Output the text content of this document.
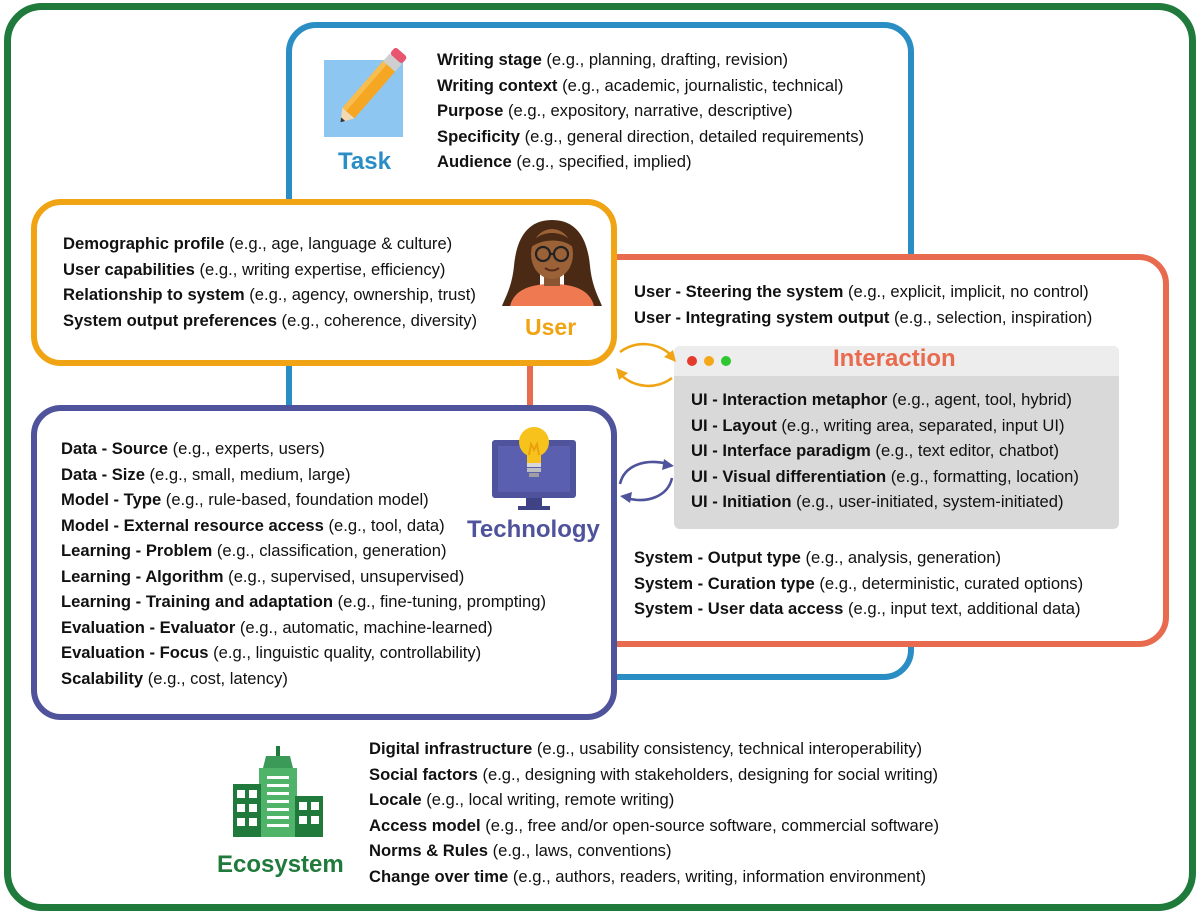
Task
Writing stage (e.g., planning, drafting, revision)
Writing context (e.g., academic, journalistic, technical)
Purpose (e.g., expository, narrative, descriptive)
Specificity (e.g., general direction, detailed requirements)
Audience (e.g., specified, implied)
Demographic profile (e.g., age, language & culture)
User capabilities (e.g., writing expertise, efficiency)
Relationship to system (e.g., agency, ownership, trust)
System output preferences (e.g., coherence, diversity) User
User - Steering the system (e.g., explicit, implicit, no control)
User - Integrating system output (e.g., selection, inspiration)
Interaction
UI - Interaction metaphor (e.g., agent, tool, hybrid)
UI - Layout (e.g., writing area, separated, input UI)
UI - Interface paradigm (e.g., text editor, chatbot)
UI - Visual differentiation (e.g., formatting, location)
UI - Initiation (e.g., user-initiated, system-initiated)
System - Output type (e.g., analysis, generation)
System - Curation type (e.g., deterministic, curated options)
System - User data access (e.g., input text, additional data)
Data - Source (e.g., experts, users)
Data - Size (e.g., small, medium, large)
Model - Type (e.g., rule-based, foundation model)
Model - External resource access (e.g., tool, data)
Learning - Problem (e.g., classification, generation)
Learning - Algorithm (e.g., supervised, unsupervised)
Learning - Training and adaptation (e.g., fine-tuning, prompting)
Evaluation - Evaluator (e.g., automatic, machine-learned)
Evaluation - Focus (e.g., linguistic quality, controllability)
Scalability (e.g., cost, latency)
Technology
Ecosystem
Digital infrastructure (e.g., usability consistency, technical interoperability)
Social factors (e.g., designing with stakeholders, designing for social writing)
Locale (e.g., local writing, remote writing)
Access model (e.g., free and/or open-source software, commercial software)
Norms & Rules (e.g., laws, conventions)
Change over time (e.g., authors, readers, writing, information environment)
